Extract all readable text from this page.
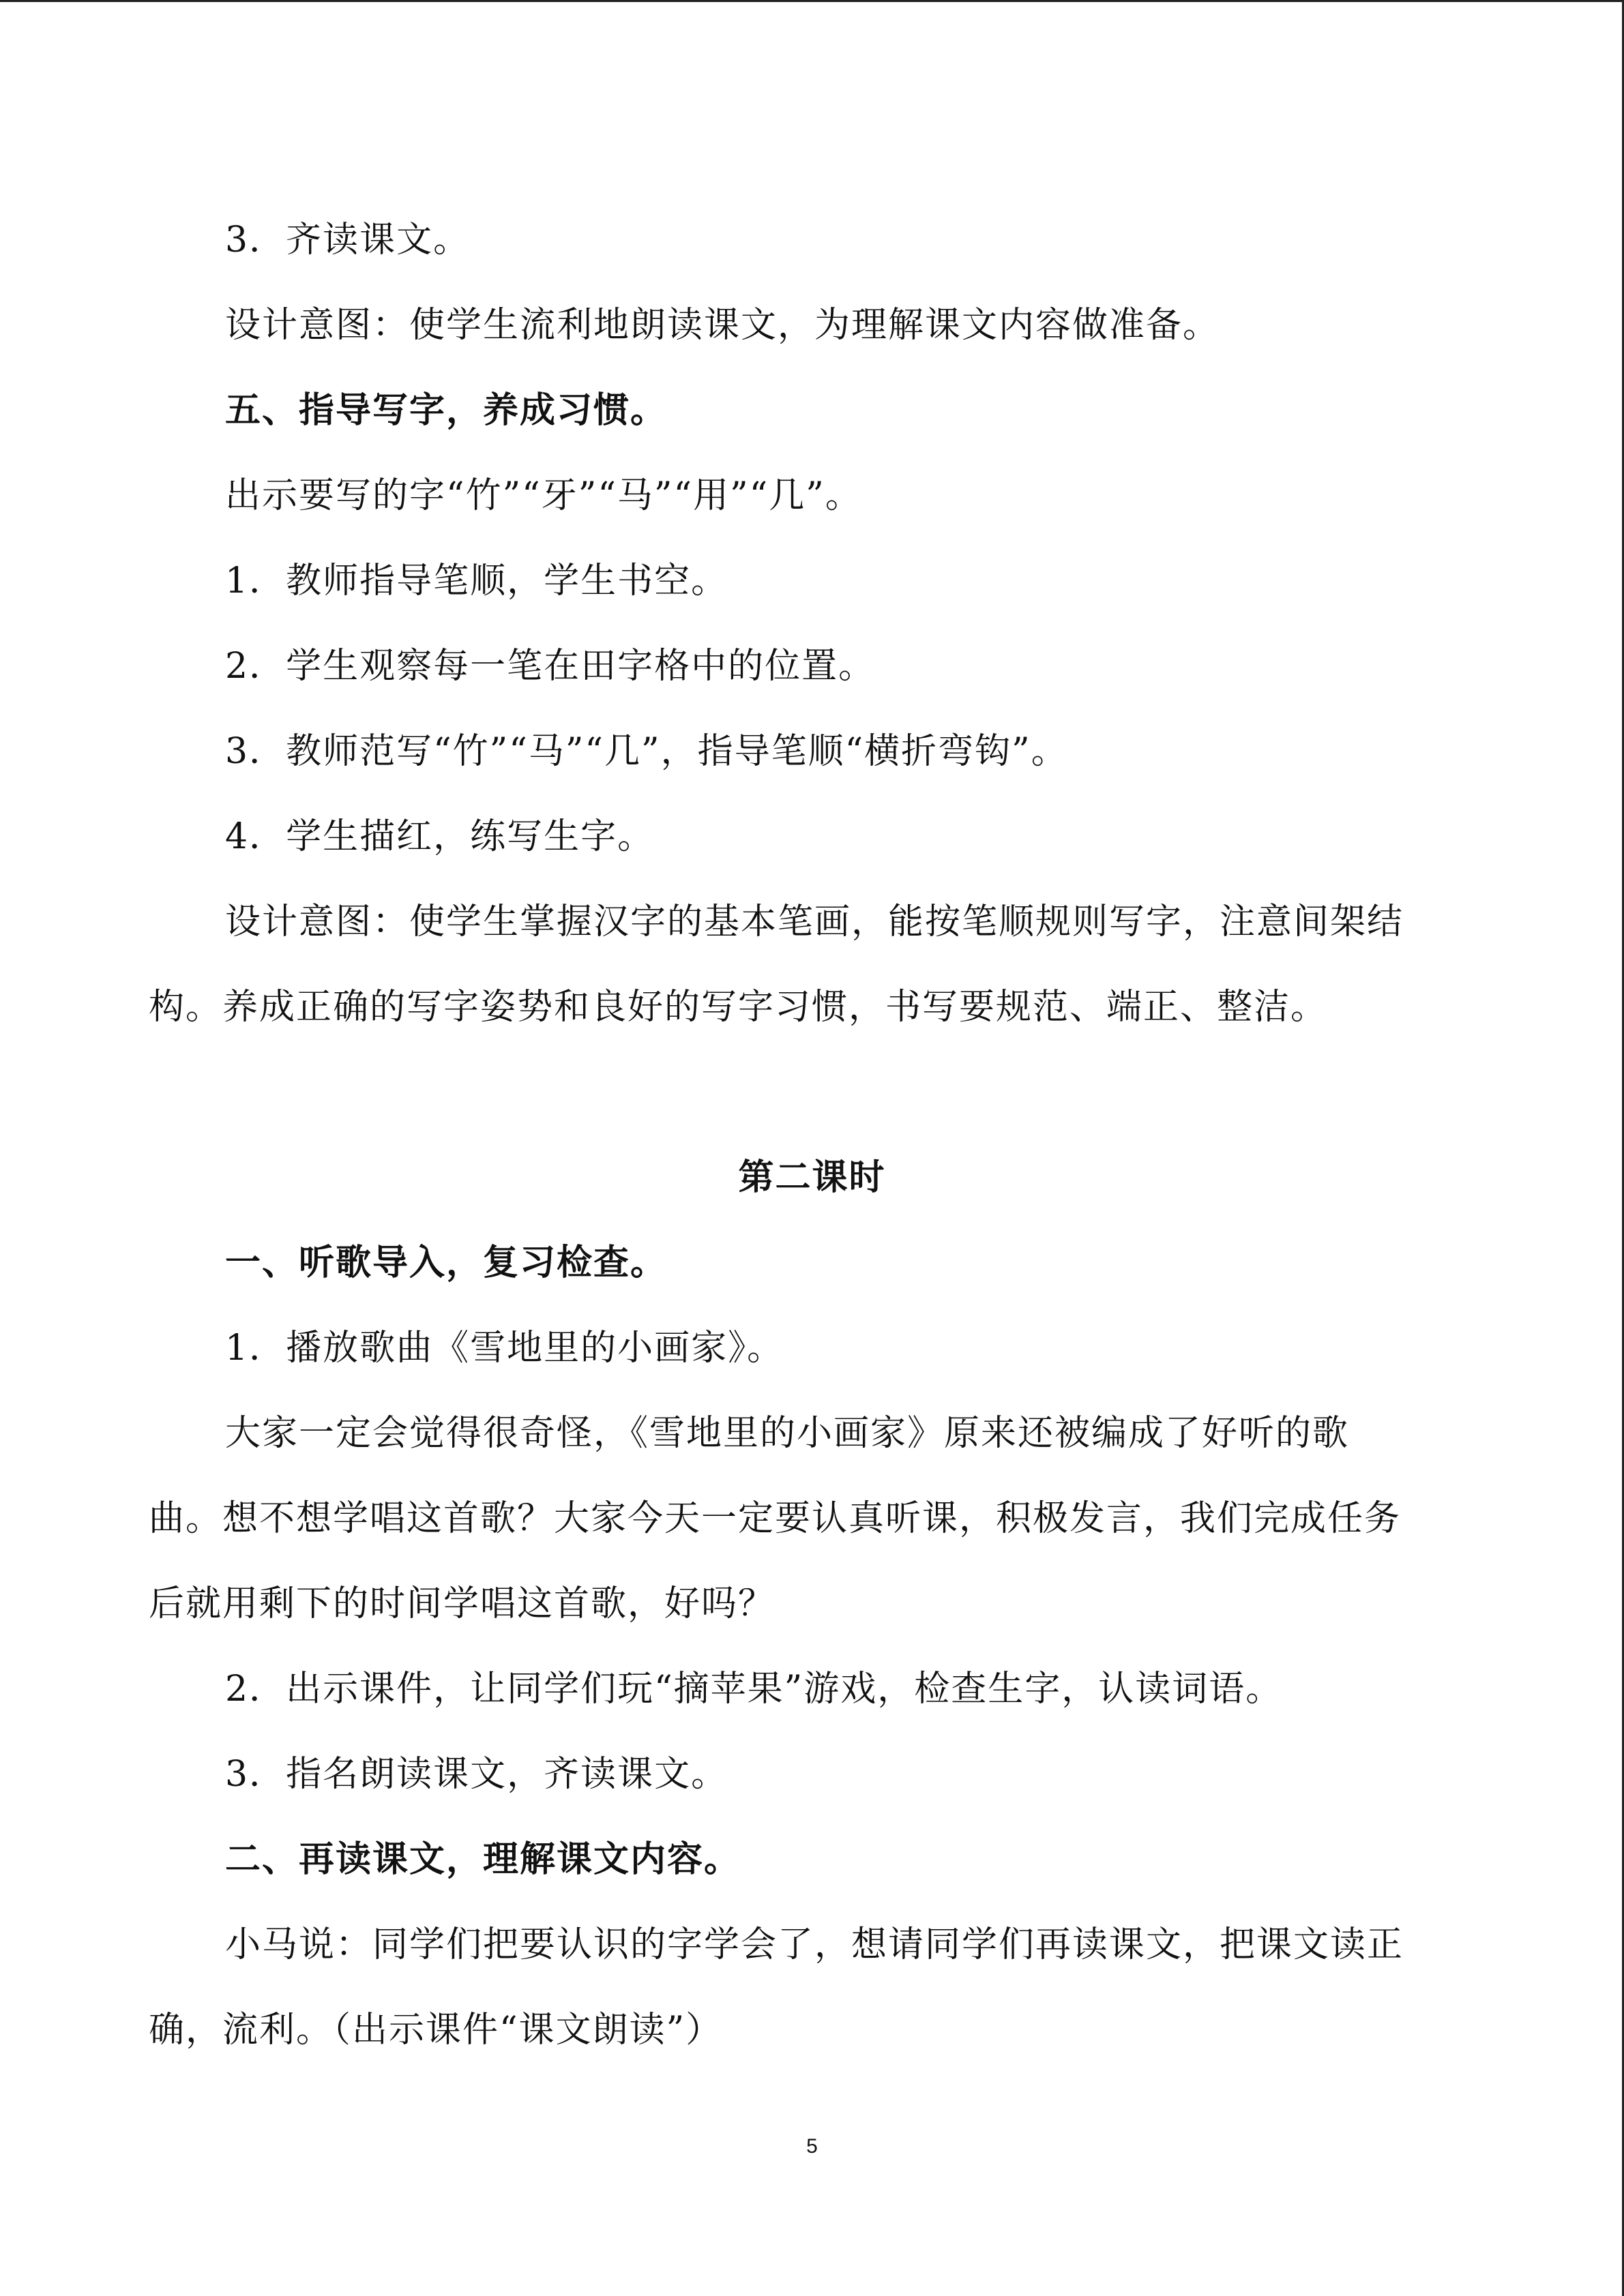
3．齐读课文。
设计意图：使学生流利地朗读课文，为理解课文内容做准备。
五、指导写字，养成习惯。
出示要写的字“竹”“牙”“马”“用”“几”。
1．教师指导笔顺，学生书空。
2．学生观察每一笔在田字格中的位置。
3．教师范写“竹”“马”“几”，指导笔顺“横折弯钩”。
4．学生描红，练写生字。
设计意图：使学生掌握汉字的基本笔画，能按笔顺规则写字，注意间架结
构。养成正确的写字姿势和良好的写字习惯，书写要规范、端正、整洁。
一、听歌导入，复习检查。
1．播放歌曲《雪地里的小画家》。
大家一定会觉得很奇怪，《雪地里的小画家》原来还被编成了好听的歌
曲。想不想学唱这首歌？大家今天一定要认真听课，积极发言，我们完成任务
后就用剩下的时间学唱这首歌，好吗？
2．出示课件，让同学们玩“摘苹果”游戏，检查生字，认读词语。
3．指名朗读课文，齐读课文。
二、再读课文，理解课文内容。
小马说：同学们把要认识的字学会了，想请同学们再读课文，把课文读正
确，流利。（出示课件“课文朗读”）
第二课时
5
